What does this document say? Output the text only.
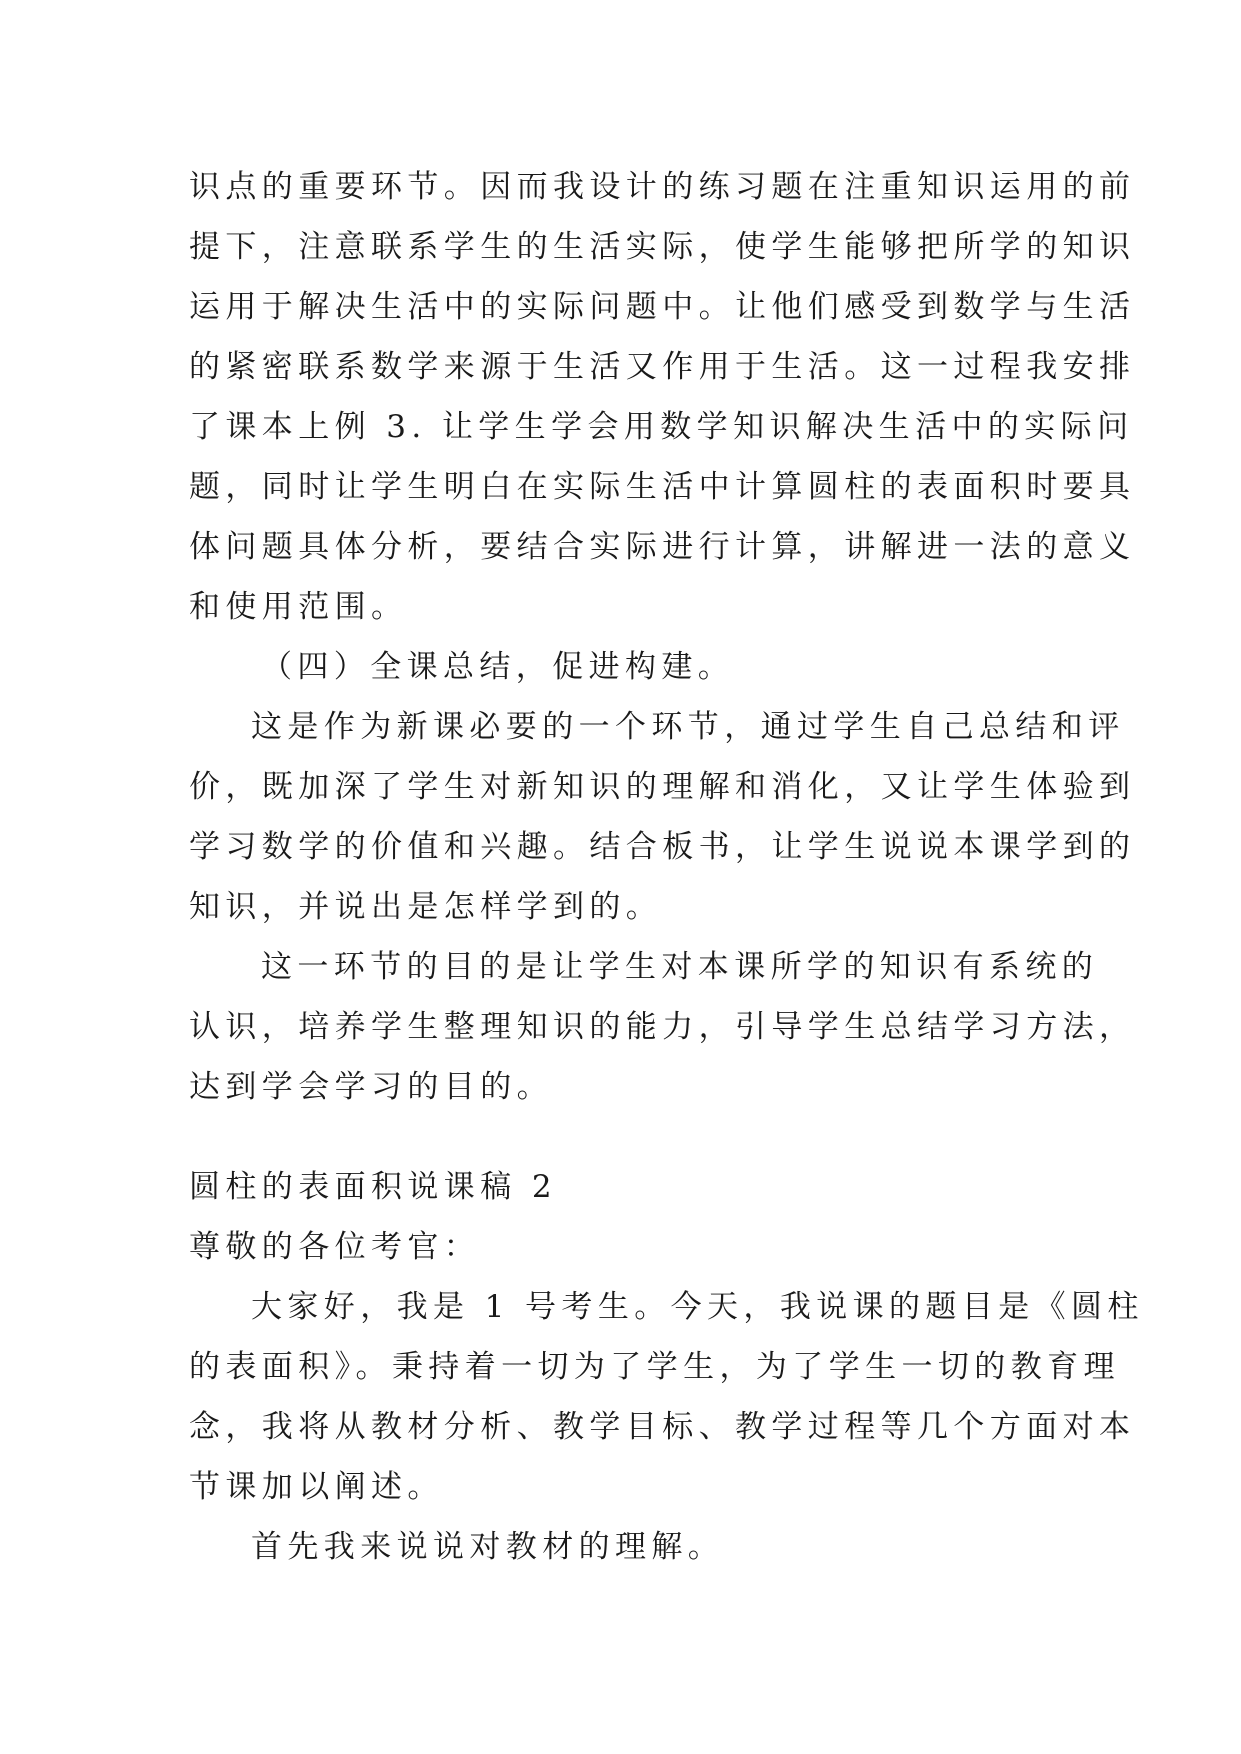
识点的重要环节。因而我设计的练习题在注重知识运用的前
提下，注意联系学生的生活实际，使学生能够把所学的知识
运用于解决生活中的实际问题中。让他们感受到数学与生活
的紧密联系数学来源于生活又作用于生活。这一过程我安排
了课本上例 3. 让学生学会用数学知识解决生活中的实际问
题，同时让学生明白在实际生活中计算圆柱的表面积时要具
体问题具体分析，要结合实际进行计算，讲解进一法的意义
和使用范围。
（四）全课总结，促进构建。
这是作为新课必要的一个环节，通过学生自己总结和评
价，既加深了学生对新知识的理解和消化，又让学生体验到
学习数学的价值和兴趣。结合板书，让学生说说本课学到的
知识，并说出是怎样学到的。
这一环节的目的是让学生对本课所学的知识有系统的
认识，培养学生整理知识的能力，引导学生总结学习方法，
达到学会学习的目的。
圆柱的表面积说课稿 2
尊敬的各位考官：
大家好，我是 1 号考生。今天，我说课的题目是《圆柱
的表面积》。秉持着一切为了学生，为了学生一切的教育理
念，我将从教材分析、教学目标、教学过程等几个方面对本
节课加以阐述。
首先我来说说对教材的理解。
